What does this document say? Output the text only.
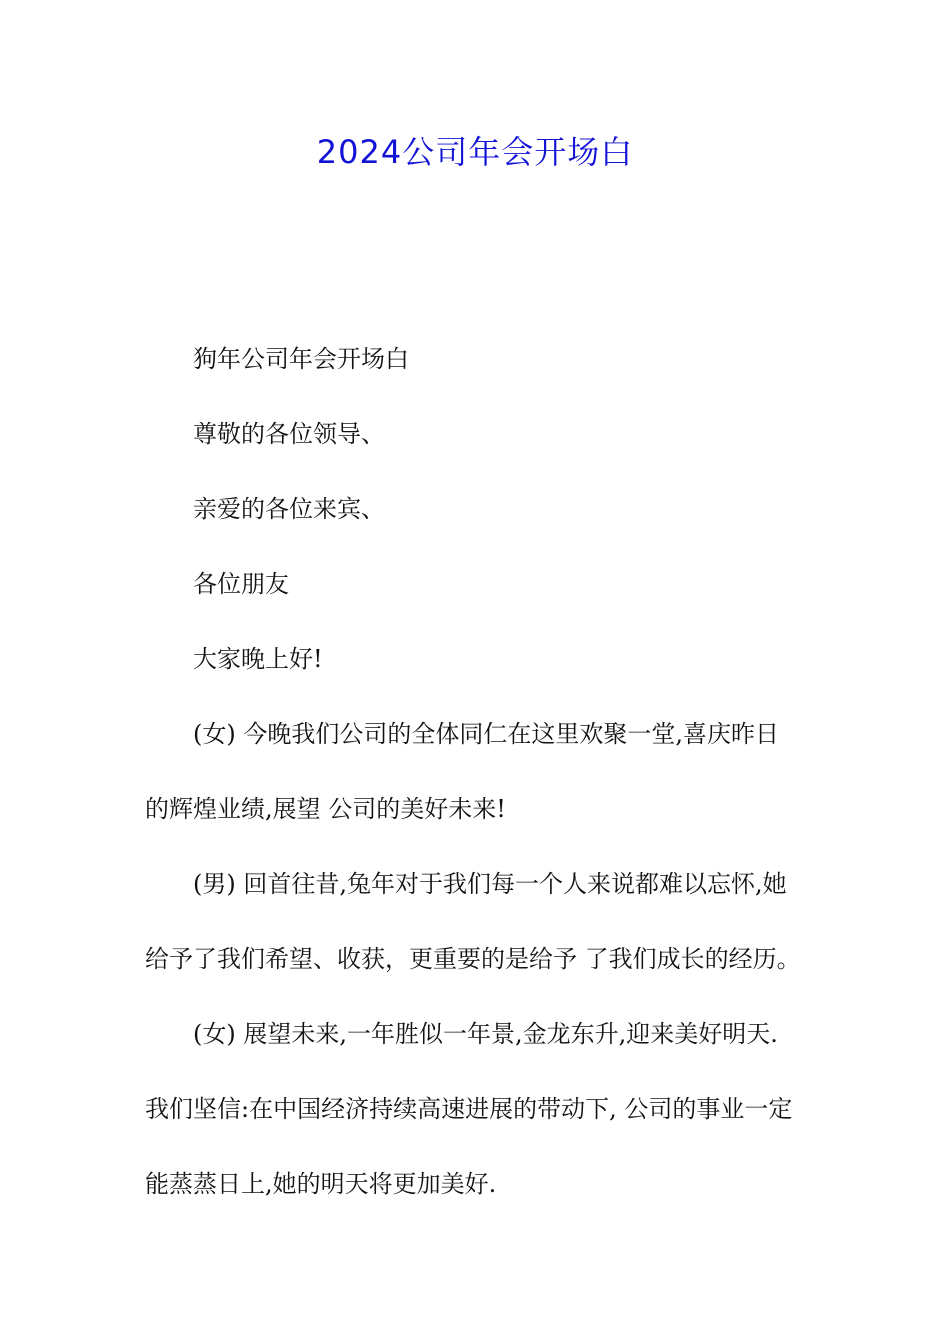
2024公司年会开场白

狗年公司年会开场白

尊敬的各位领导、

亲爱的各位来宾、

各位朋友

大家晚上好!

(女) 今晚我们公司的全体同仁在这里欢聚一堂,喜庆昨日

的辉煌业绩,展望 公司的美好未来!

(男) 回首往昔,兔年对于我们每一个人来说都难以忘怀,她

给予了我们希望、收获，更重要的是给予 了我们成长的经历。

(女) 展望未来,一年胜似一年景,金龙东升,迎来美好明天.

我们坚信:在中国经济持续高速进展的带动下, 公司的事业一定

能蒸蒸日上,她的明天将更加美好.
